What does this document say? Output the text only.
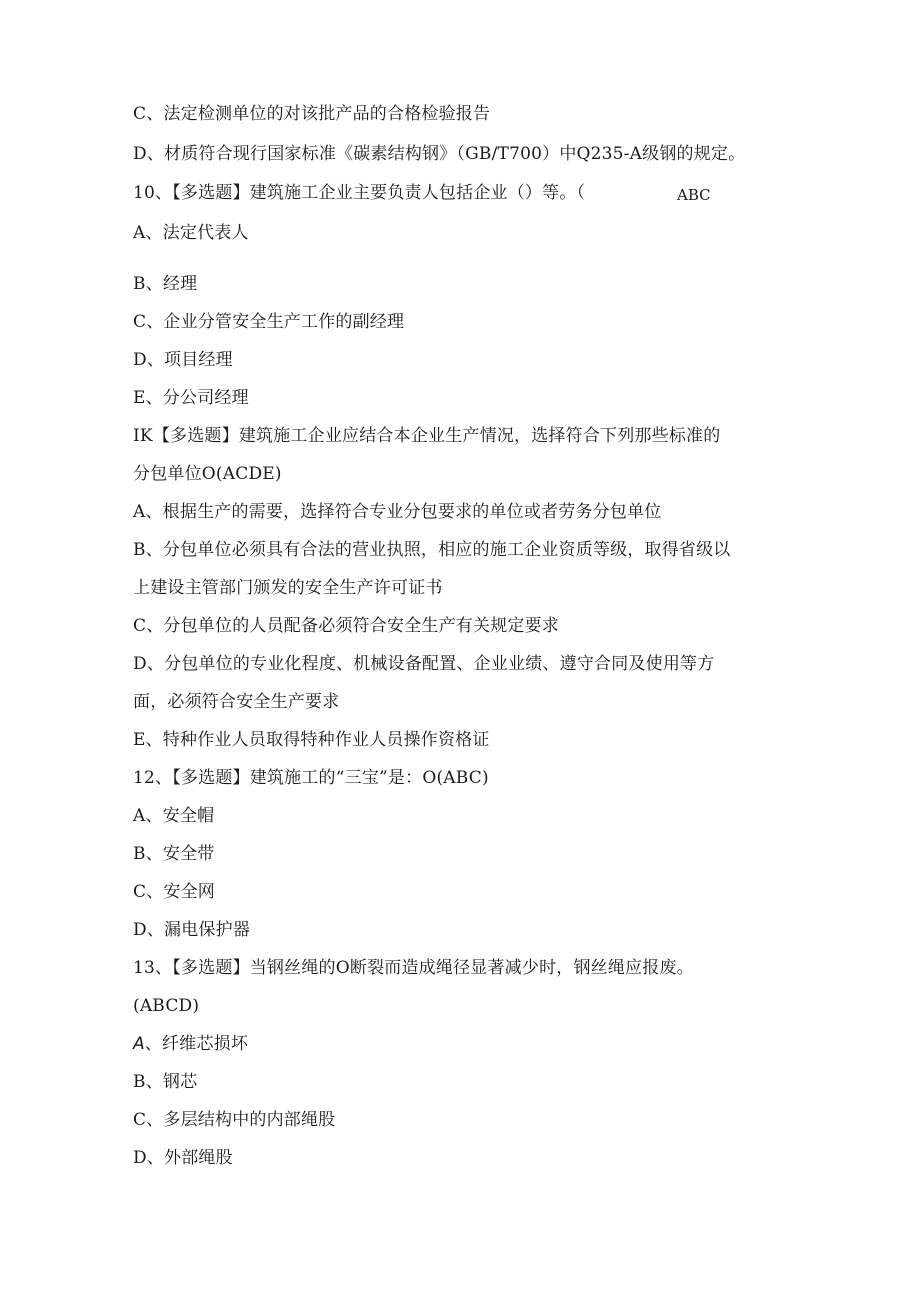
C、法定检测单位的对该批产品的合格检验报告
D、材质符合现行国家标准《碳素结构钢》（GB/T700）中Q235-A级钢的规定。
10、【多选题】建筑施工企业主要负责人包括企业（）等。（	ABC
A、法定代表人
B、经理
C、企业分管安全生产工作的副经理
D、项目经理
E、分公司经理
IK【多选题】建筑施工企业应结合本企业生产情况，选择符合下列那些标准的
分包单位O(ACDE)
A、根据生产的需要，选择符合专业分包要求的单位或者劳务分包单位
B、分包单位必须具有合法的营业执照，相应的施工企业资质等级，取得省级以
上建设主管部门颁发的安全生产许可证书
C、分包单位的人员配备必须符合安全生产有关规定要求
D、分包单位的专业化程度、机械设备配置、企业业绩、遵守合同及使用等方
面，必须符合安全生产要求
E、特种作业人员取得特种作业人员操作资格证
12、【多选题】建筑施工的“三宝”是：O(ABC)
A、安全帽
B、安全带
C、安全网
D、漏电保护器
13、【多选题】当钢丝绳的O断裂而造成绳径显著减少时，钢丝绳应报废。
(ABCD)
A、纤维芯损坏
B、钢芯
C、多层结构中的内部绳股
D、外部绳股
